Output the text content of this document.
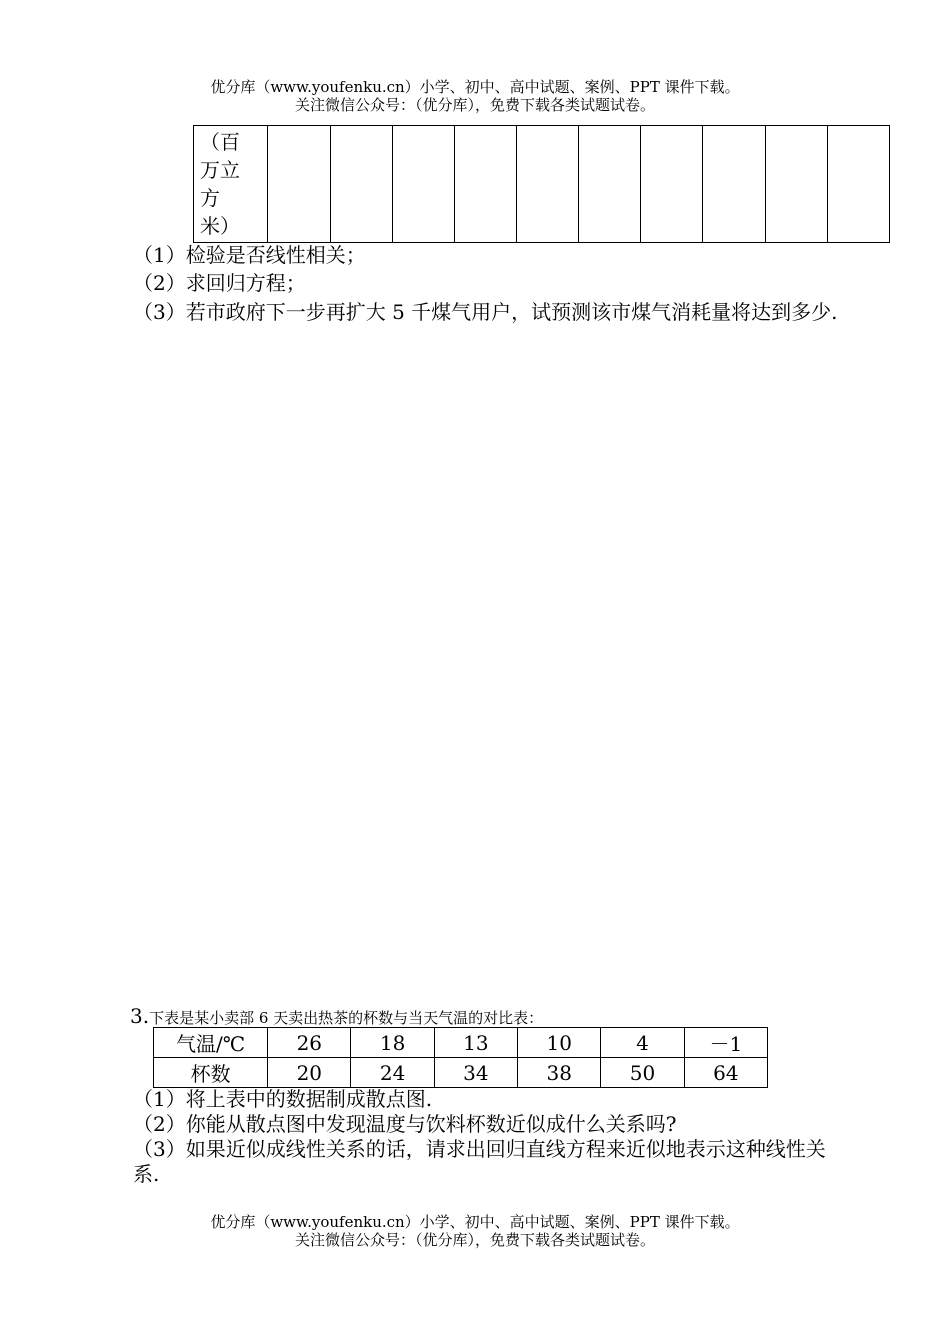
优分库（www.youfenku.cn）小学、初中、高中试题、案例、PPT 课件下载。
关注微信公众号：（优分库），免费下载各类试题试卷。
（百
万立
方
米）										
（1）检验是否线性相关；
（2）求回归方程；
（3）若市政府下一步再扩大 5 千煤气用户，试预测该市煤气消耗量将达到多少.
3.下表是某小卖部 6 天卖出热茶的杯数与当天气温的对比表：
气温/℃	26	18	13	10	4	－1
杯数	20	24	34	38	50	64
（1）将上表中的数据制成散点图.
（2）你能从散点图中发现温度与饮料杯数近似成什么关系吗?
（3）如果近似成线性关系的话，请求出回归直线方程来近似地表示这种线性关
系.
优分库（www.youfenku.cn）小学、初中、高中试题、案例、PPT 课件下载。
关注微信公众号：（优分库），免费下载各类试题试卷。
